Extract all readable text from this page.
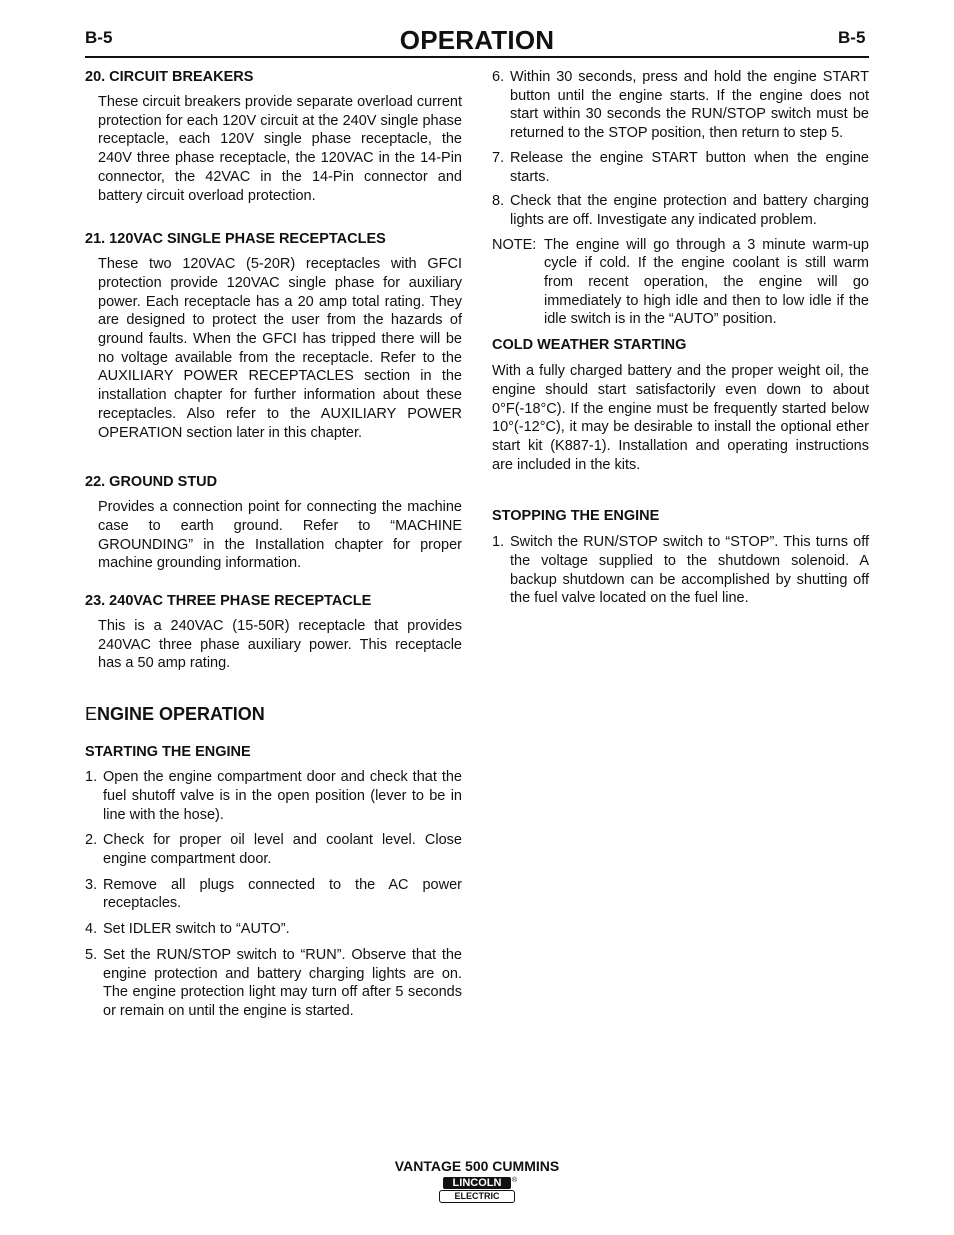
B-5	OPERATION	B-5

20. CIRCUIT BREAKERS

These circuit breakers provide separate overload current protection for each 120V circuit at the 240V single phase receptacle, each 120V single phase receptacle, the 240V three phase receptacle, the 120VAC in the 14-Pin connector, the 42VAC in the 14-Pin connector and battery circuit overload protection.

21. 120VAC SINGLE PHASE RECEPTACLES

These two 120VAC (5-20R) receptacles with GFCI protection provide 120VAC single phase for auxiliary power. Each receptacle has a 20 amp total rating. They are designed to protect the user from the hazards of ground faults. When the GFCI has tripped there will be no voltage available from the receptacle. Refer to the AUXILIARY POWER RECEPTACLES section in the installation chapter for further information about these receptacles. Also refer to the AUXILIARY POWER OPERATION section later in this chapter.

22. GROUND STUD

Provides a connection point for connecting the machine case to earth ground. Refer to “MACHINE GROUNDING” in the Installation chapter for proper machine grounding information.

23. 240VAC THREE PHASE RECEPTACLE

This is a 240VAC (15-50R) receptacle that provides 240VAC three phase auxiliary power. This receptacle has a 50 amp rating.

ENGINE OPERATION

STARTING THE ENGINE

1. Open the engine compartment door and check that the fuel shutoff valve is in the open position (lever to be in line with the hose).
2. Check for proper oil level and coolant level. Close engine compartment door.
3. Remove all plugs connected to the AC power receptacles.
4. Set IDLER switch to “AUTO”.
5. Set the RUN/STOP switch to “RUN”. Observe that the engine protection and battery charging lights are on. The engine protection light may turn off after 5 seconds or remain on until the engine is started.
6. Within 30 seconds, press and hold the engine START button until the engine starts. If the engine does not start within 30 seconds the RUN/STOP switch must be returned to the STOP position, then return to step 5.
7. Release the engine START button when the engine starts.
8. Check that the engine protection and battery charging lights are off. Investigate any indicated problem.
NOTE: The engine will go through a 3 minute warm-up cycle if cold. If the engine coolant is still warm from recent operation, the engine will go immediately to high idle and then to low idle if the idle switch is in the “AUTO” position.

COLD WEATHER STARTING

With a fully charged battery and the proper weight oil, the engine should start satisfactorily even down to about 0°F(-18°C). If the engine must be frequently started below 10°(-12°C), it may be desirable to install the optional ether start kit (K887-1). Installation and operating instructions are included in the kits.

STOPPING THE ENGINE

1. Switch the RUN/STOP switch to “STOP”. This turns off the voltage supplied to the shutdown solenoid. A backup shutdown can be accomplished by shutting off the fuel valve located on the fuel line.
VANTAGE 500 CUMMINS
LINCOLN
ELECTRIC
®
